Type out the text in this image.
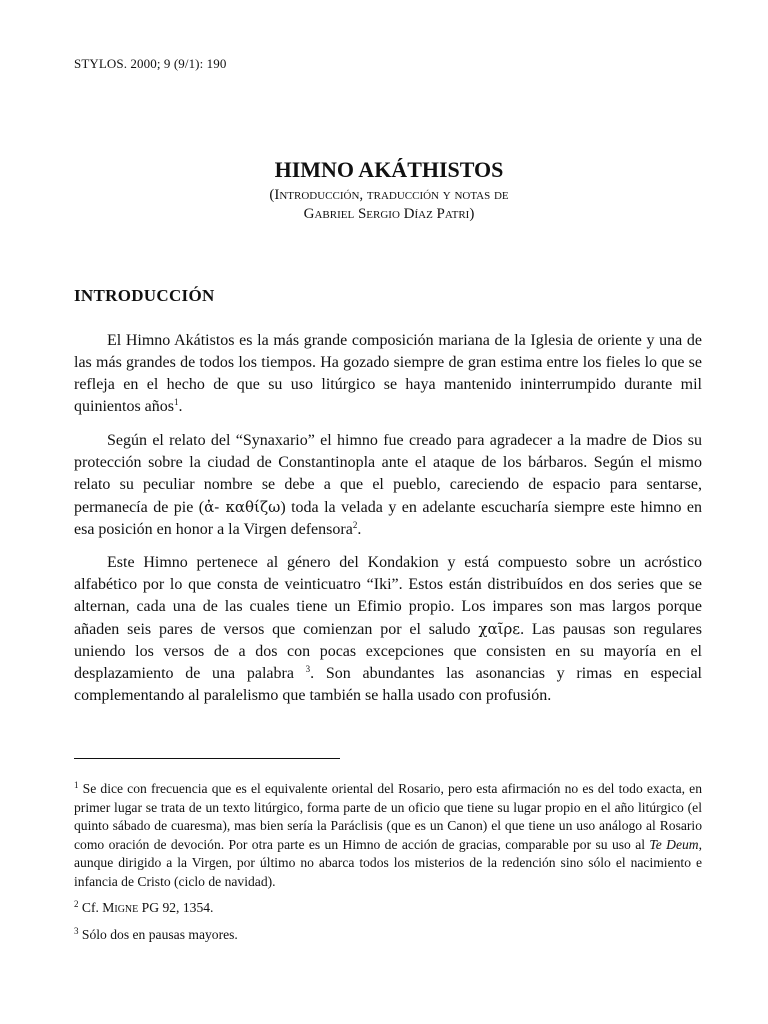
STYLOS. 2000; 9 (9/1): 190
HIMNO AKÁTHISTOS
(Introducción, traducción y notas de
Gabriel Sergio Díaz Patri)
INTRODUCCIÓN

El Himno Akátistos es la más grande composición mariana de la Iglesia de oriente y una de las más grandes de todos los tiempos. Ha gozado siempre de gran estima entre los fieles lo que se refleja en el hecho de que su uso litúrgico se haya mantenido ininterrumpido durante mil quinientos años$^1$.

Según el relato del “Synaxario” el himno fue creado para agradecer a la madre de Dios su protección sobre la ciudad de Constantinopla ante el ataque de los bárbaros. Según el mismo relato su peculiar nombre se debe a que el pueblo, careciendo de espacio para sentarse, permanecía de pie (ἀ- καθίζω) toda la velada y en adelante escucharía siempre este himno en esa posición en honor a la Virgen defensora$^2$.

Este Himno pertenece al género del Kondakion y está compuesto sobre un acróstico alfabético por lo que consta de veinticuatro “Iki”. Estos están distribuídos en dos series que se alternan, cada una de las cuales tiene un Efimio propio. Los impares son mas largos porque añaden seis pares de versos que comienzan por el saludo χαῖρε. Las pausas son regulares uniendo los versos de a dos con pocas excepciones que consisten en su mayoría en el desplazamiento de una palabra $^3$. Son abundantes las asonancias y rimas en especial complementando al paralelismo que también se halla usado con profusión.

$^1$ Se dice con frecuencia que es el equivalente oriental del Rosario, pero esta afirmación no es del todo exacta, en primer lugar se trata de un texto litúrgico, forma parte de un oficio que tiene su lugar propio en el año litúrgico (el quinto sábado de cuaresma), mas bien sería la Paráclisis (que es un Canon) el que tiene un uso análogo al Rosario como oración de devoción. Por otra parte es un Himno de acción de gracias, comparable por su uso al Te Deum, aunque dirigido a la Virgen, por último no abarca todos los misterios de la redención sino sólo el nacimiento e infancia de Cristo (ciclo de navidad).

$^2$ Cf. Migne PG 92, 1354.

$^3$ Sólo dos en pausas mayores.
